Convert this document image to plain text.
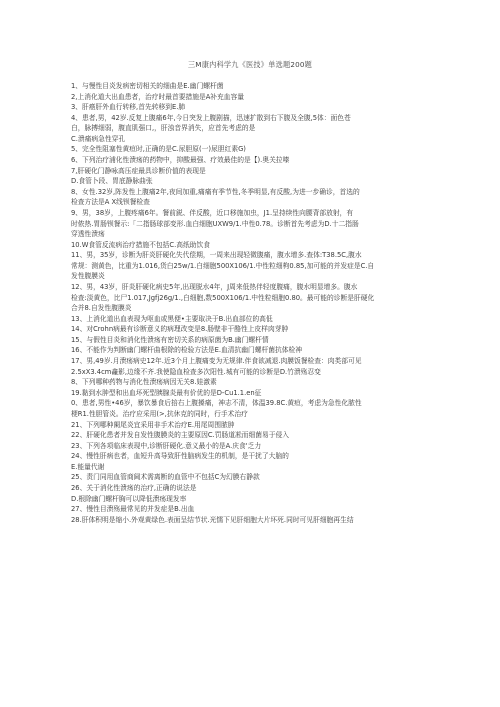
三M康内科学九《医技》单选题200题
1、与慢性目炎发病密切相关的细曲是E.幽门螺杆菌
2,上消化道大出血患者，治疗时最首要措施是A补充血容量
3、肝癌肝外血行转移,首先转移到E.肺
4、患者,男，42岁.反复上腹痛6年,今日突发上腹剧描，迅速扩散到右下腹及全腹,5体：面色苍
白，脉搏细弱，腹直肌强口,，肝浊音界消失，应首先考虑的是
C.溃痛病急性穿孔
5、完全性阻塞性黄疸时,正确的是C.尿胆原(一)尿胆红素G)
6、下列治疗浦化性溃疡的药物中，抑酸最强、疗效最佳的是【).奥关拉嗪
7,肝硬化门静咏高压症最具诊断价值的表现是
D.食管卜段、胃底静脉曲张
8、女性.32岁,阵发性上腹痛2年,夜间加重,痛痛有季节性,冬季明显,有反酸,为进一步确诊，首选的
检查方法是A X线钡餐检查
9、男，38岁，上腹疼痛6年。餐前鋭、伴反酸，近口移施加虫，J1.呈持续性向腰背部放射，有
时侬热.胃肠钡餐示:「二指肠球部变形.血白细胞UXW9/1.中性0.78。诊断首先考虑为D.十二指肠
穿透性溃疡
10.W食管反流病治疗措施不包括C.高纸助饮食
11、男，35岁，诊断为肝炎肝硬化失代偿期，一周来出现轻微腹痛，腹水增多.查体:T38.5C,腹水
常规：测黄色，比重为1.016,货白25w/1.白细胞500X106/1.中性粒细枸0.85,加可能的并发症是C.自
发性腹膜炎
12、男，43岁，肝炎肝硬化病史5年,出现脱水4年，J周来低热伴轻度腹痛，腹水明显增多。腹水
检查:淡黄色，比尸1.017,Jgfj26g/1.,白细胞,数500X106/1.中性粒细胞0.80。最可能的诊断是肝硬化
合并8.自发性腹膜炎
13、上消化道出血表现为呕血或黑便•主要取决于B.出血部位的高低
14、对Crohn病最有诊断意义的病理改变是8.肠壁非干酪性上皮样肉芽肿
15、与假性目炎和消化性溃疡有密切关系的病原菌为B.幽门螺杆情
16、不能作为判断幽门螺杆曲根除的检验方法是E.血清抗幽门螺杆菌抗体检神
17、男,49岁.月溃疡病史12年.近3个月上腹痛变为无规律.伴食欲减退.肉膜饭餐检查：肉类部可见
2.5xX3.4cm龕影,边缘不齐.我使隐血检查多次阳性.城有可能的诊断是D.竹溃殇忍变
8、下列哪种药物与消化性溃疡病因无关8.娃激素
19.黏到水肿型和出血坏死型胰腺炎最有价优的是D-Cu1.1.en征
0、患者,男性•46岁，暴饮暴食后掊右上腹搡痛，神志不清，体温39.8C.黄疸，考虑为急性化脓性
梗R1.性胆管炎。治疗应采用(>,抗休克的同时，行手术治疗
21、下列哪种阑尾炎宜采用非手术治疗E.用尾周围脓肿
22、肝硬化患者并发自发性腹膜炎的主要原因C.罚肠道凇而细菌易于侵入
23、下列各项临床表现中,诊断肝硬化.意义最小的是A.庆食'乏力
24、慢性肝病也者，血短升高导致肝性脑病发生的机制，是干扰了大脑的
E.能量代谢
25、责门同用血管商阃术需离断的血管中不包括C为幻膜右静款
26、关于消化性溃疡的治疗,正确的说法是
D.根除幽门螺杆胸可以降低溃疡现发率
27、慢性目溃殇最常见的并发症是B.出血
28.肝体积明是缩小.外观黄绿色.表面呈结节状.光懦下见肝细胞大片坏死.同时可见肝细胞再生结
